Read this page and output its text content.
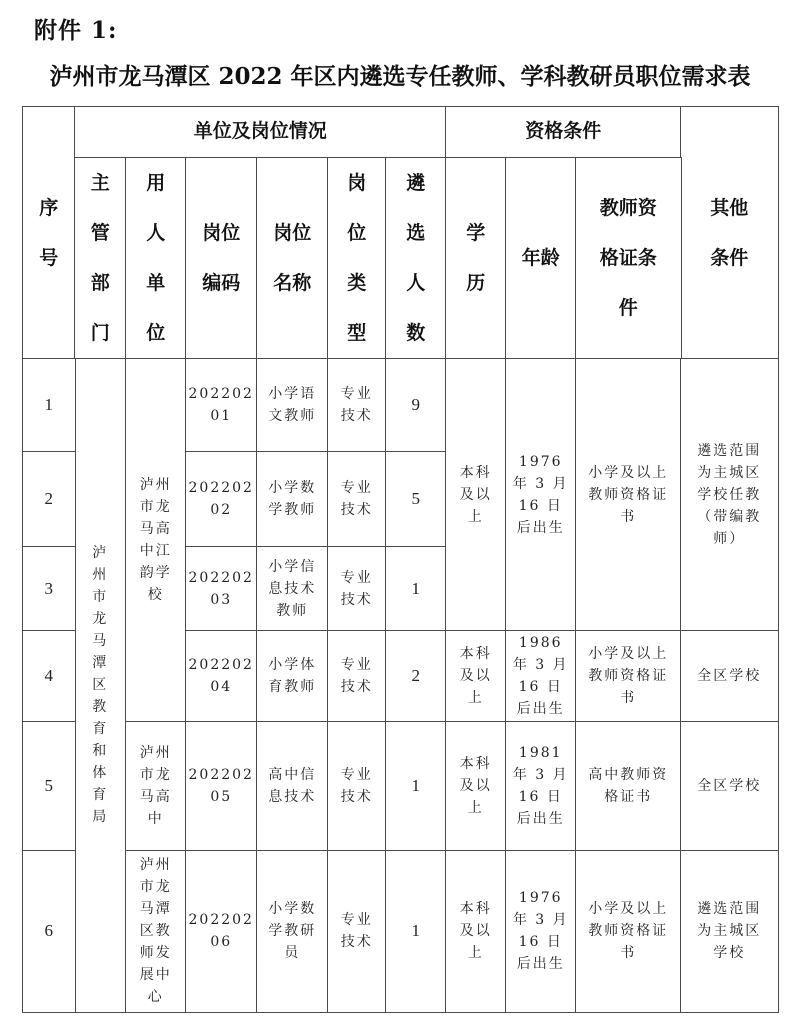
附件 1:
泸州市龙马潭区 2022 年区内遴选专任教师、学科教研员职位需求表
序
号
单位及岗位情况	资格条件
其他
条件
主
管
部
门
用
人
单
位
岗位
编码
岗位
名称
岗
位
类
型
遴
选
人
数
学
历
年龄
教师资
格证条
件
泸
州
市
龙
马
潭
区
教
育
和
体
育
局
泸州
市龙
马高
中江
韵学
校
泸州
市龙
马高
中
泸州
市龙
马潭
区教
师发
展中
心
1
202202
01
小学语
文教师
专业
技术
9
2
202202
02
小学数
学教师
专业
技术
5
3
202202
03
小学信
息技术
教师
专业
技术
1
4
202202
04
小学体
育教师
专业
技术
2
5
202202
05
高中信
息技术
专业
技术
1
6
202202
06
小学数
学教研
员
专业
技术
1
本科
及以
上
1976
年 3 月
16 日
后出生
小学及以上
教师资格证
书
遴选范围
为主城区
学校任教
（带编教
师）
本科
及以
上
1986
年 3 月
16 日
后出生
小学及以上
教师资格证
书
全区学校
本科
及以
上
1981
年 3 月
16 日
后出生
高中教师资
格证书
全区学校
本科
及以
上
1976
年 3 月
16 日
后出生
小学及以上
教师资格证
书
遴选范围
为主城区
学校
